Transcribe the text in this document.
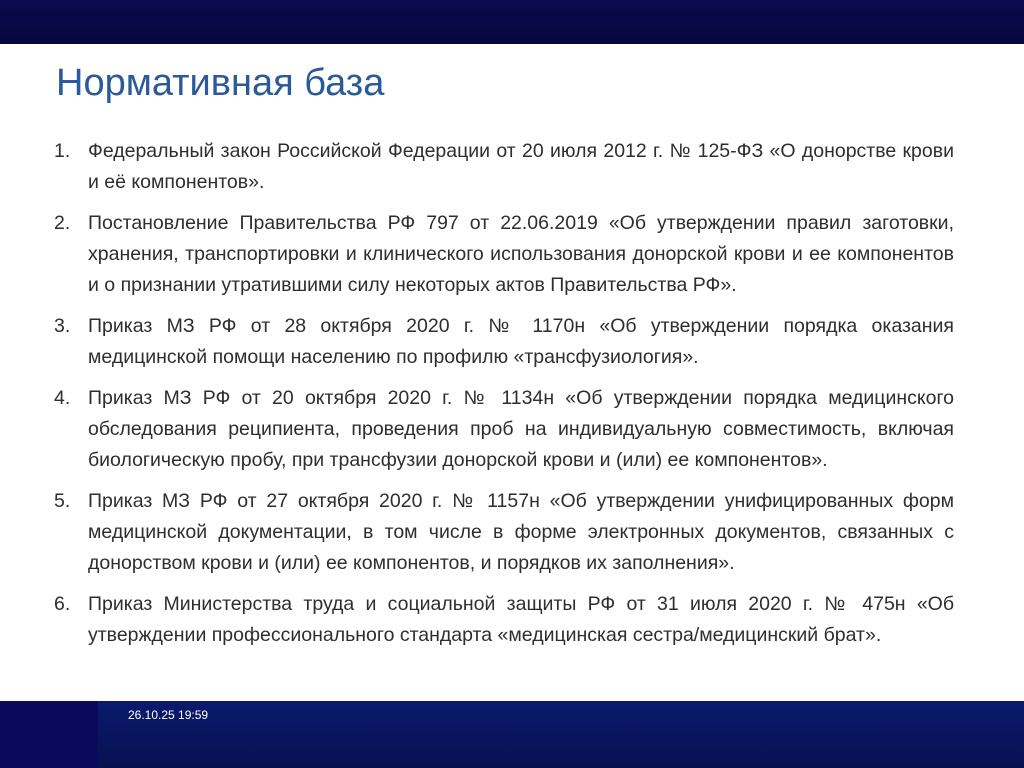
Нормативная база
1. Федеральный закон Российской Федерации от 20 июля 2012 г. № 125-ФЗ «О донорстве крови и её компонентов».
2. Постановление Правительства РФ 797 от 22.06.2019 «Об утверждении правил заготовки, хранения, транспортировки и клинического использования донорской крови и ее компонентов и о признании утратившими силу некоторых актов Правительства РФ».
3. Приказ МЗ РФ от 28 октября 2020 г. № 1170н «Об утверждении порядка оказания медицинской помощи населению по профилю «трансфузиология».
4. Приказ МЗ РФ от 20 октября 2020 г. № 1134н «Об утверждении порядка медицинского обследования реципиента, проведения проб на индивидуальную совместимость, включая биологическую пробу, при трансфузии донорской крови и (или) ее компонентов».
5. Приказ МЗ РФ от 27 октября 2020 г. № 1157н «Об утверждении унифицированных форм медицинской документации, в том числе в форме электронных документов, связанных с донорством крови и (или) ее компонентов, и порядков их заполнения».
6. Приказ Министерства труда и социальной защиты РФ от 31 июля 2020 г. № 475н «Об утверждении профессионального стандарта «медицинская сестра/медицинский брат».
26.10.25 19:59
